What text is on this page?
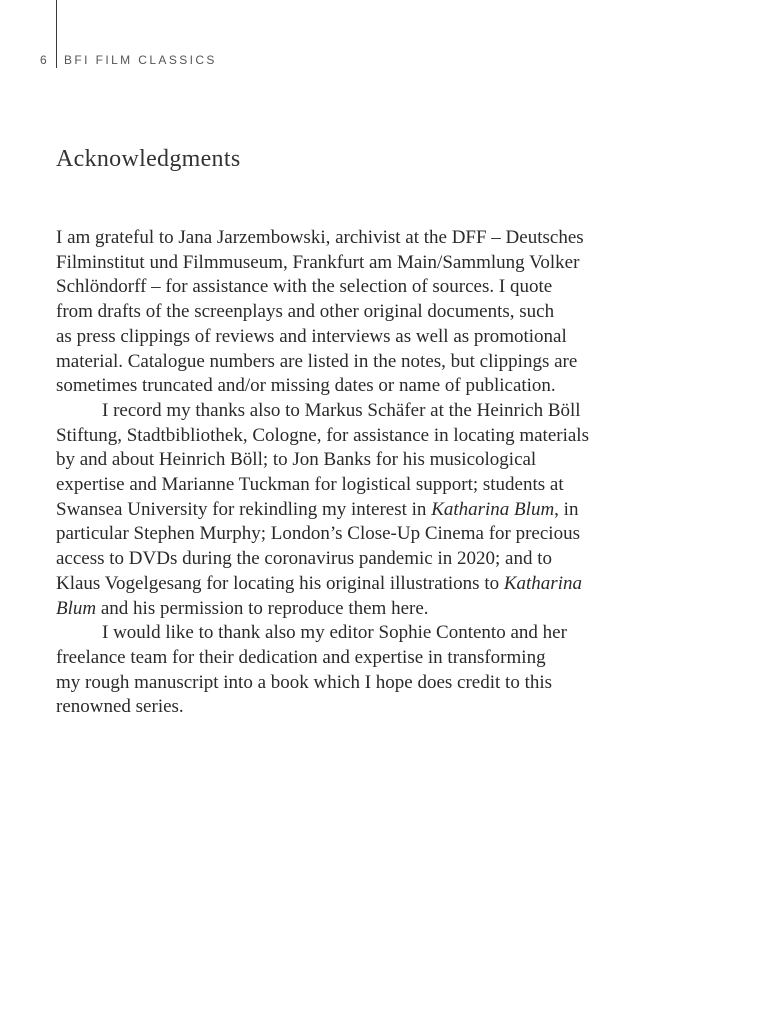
6 BFI FILM CLASSICS
Acknowledgments
I am grateful to Jana Jarzembowski, archivist at the DFF – Deutsches
Filminstitut und Filmmuseum, Frankfurt am Main/Sammlung Volker
Schlöndorff – for assistance with the selection of sources. I quote
from drafts of the screenplays and other original documents, such
as press clippings of reviews and interviews as well as promotional
material. Catalogue numbers are listed in the notes, but clippings are
sometimes truncated and/or missing dates or name of publication.
I record my thanks also to Markus Schäfer at the Heinrich Böll
Stiftung, Stadtbibliothek, Cologne, for assistance in locating materials
by and about Heinrich Böll; to Jon Banks for his musicological
expertise and Marianne Tuckman for logistical support; students at
Swansea University for rekindling my interest in Katharina Blum, in
particular Stephen Murphy; London’s Close-Up Cinema for precious
access to DVDs during the coronavirus pandemic in 2020; and to
Klaus Vogelgesang for locating his original illustrations to Katharina
Blum and his permission to reproduce them here.
I would like to thank also my editor Sophie Contento and her
freelance team for their dedication and expertise in transforming
my rough manuscript into a book which I hope does credit to this
renowned series.
